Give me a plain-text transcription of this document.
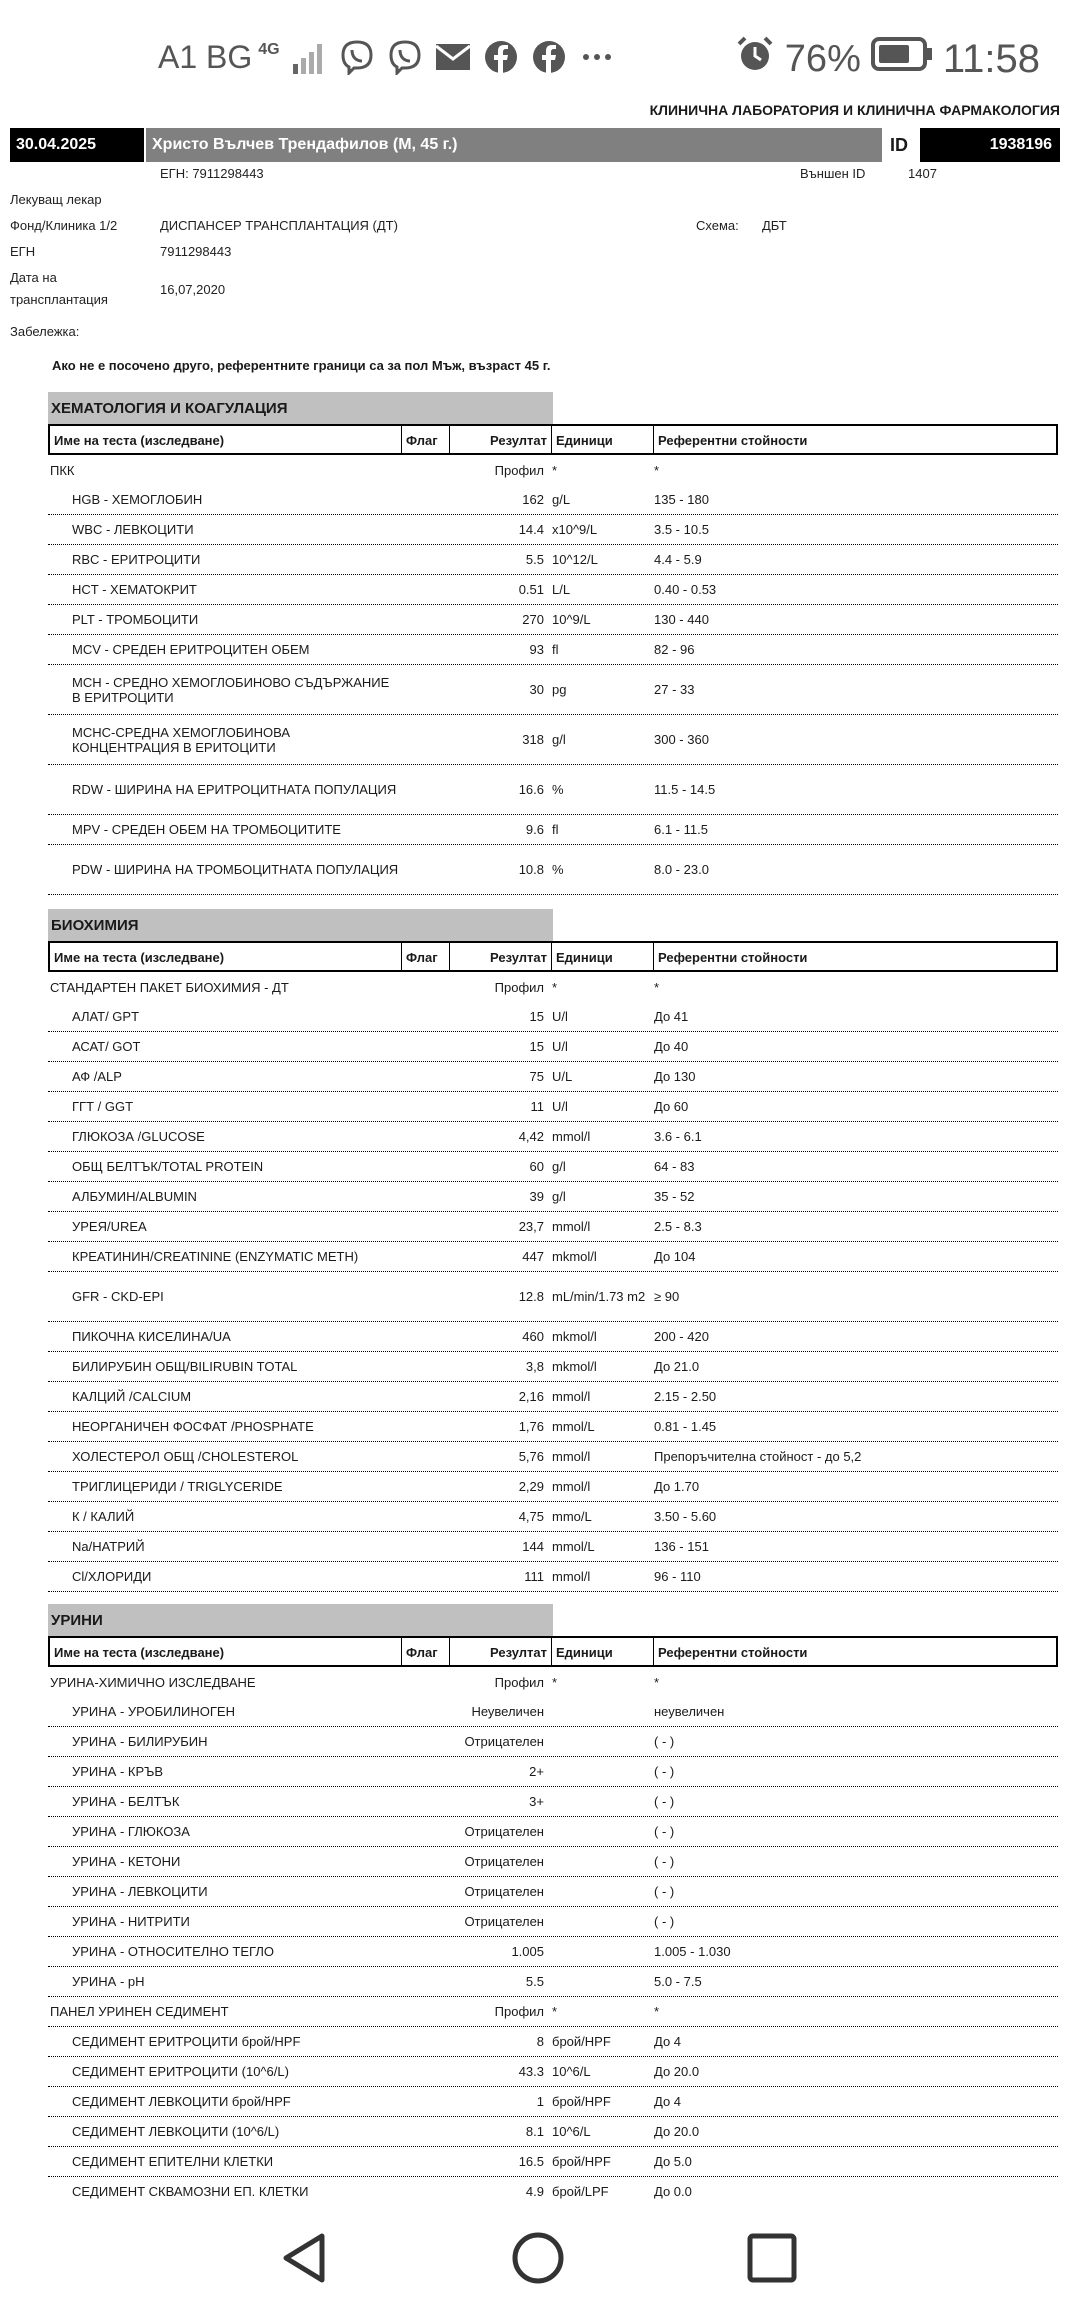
A1 BG 4G	76% 11:58
КЛИНИЧНА ЛАБОРАТОРИЯ И КЛИНИЧНА ФАРМАКОЛОГИЯ
30.04.2025	Христо Вълчев Трендафилов (М, 45 г.)	ID	1938196
ЕГН: 7911298443	Външен ID	1407
Лекуващ лекар
Фонд/Клиника 1/2	ДИСПАНСЕР ТРАНСПЛАНТАЦИЯ (ДТ)	Схема: ДБТ
ЕГН	7911298443
Дата на
трансплантация
16,07,2020
Забележка:
Ако не е посочено друго, референтните граници са за пол Мъж, възраст 45 г.
ХЕМАТОЛОГИЯ И КОАГУЛАЦИЯ
Име на теста (изследване)	Флаг	Резултат Единици	Референтни стойности
ПКК	Профил *	*
HGB - ХЕМОГЛОБИН	162 g/L	135 - 180
WBC - ЛЕВКОЦИТИ	14.4 x10^9/L	3.5 - 10.5
RBC - ЕРИТРОЦИТИ	5.5 10^12/L	4.4 - 5.9
HCT - ХЕМАТОКРИТ	0.51 L/L	0.40 - 0.53
PLT - ТРОМБОЦИТИ	270 10^9/L	130 - 440
MCV - СРЕДЕН ЕРИТРОЦИТЕН ОБЕМ	93 fl	82 - 96
MCH - СРЕДНО ХЕМОГЛОБИНОВО СЪДЪРЖАНИЕ В ЕРИТРОЦИТИ	30 pg	27 - 33
MCHC-СРЕДНА ХЕМОГЛОБИНОВА КОНЦЕНТРАЦИЯ В ЕРИТОЦИТИ	318 g/l	300 - 360
RDW - ШИРИНА НА ЕРИТРОЦИТНАТА ПОПУЛАЦИЯ	16.6 %	11.5 - 14.5
MPV - СРЕДЕН ОБЕМ НА ТРОМБОЦИТИТЕ	9.6 fl	6.1 - 11.5
PDW - ШИРИНА НА ТРОМБОЦИТНАТА ПОПУЛАЦИЯ	10.8 %	8.0 - 23.0
БИОХИМИЯ
Име на теста (изследване)	Флаг	Резултат Единици	Референтни стойности
СТАНДАРТЕН ПАКЕТ БИОХИМИЯ - ДТ	Профил *	*
АЛАТ/ GPT	15 U/l	До 41
АСАТ/ GOT	15 U/l	До 40
АФ /ALP	75 U/L	До 130
ГГТ / GGT	11 U/l	До 60
ГЛЮКОЗА /GLUCOSE	4,42 mmol/l	3.6 - 6.1
ОБЩ БЕЛТЪК/TOTAL PROTEIN	60 g/l	64 - 83
АЛБУМИН/ALBUMIN	39 g/l	35 - 52
УРЕЯ/UREA	23,7 mmol/l	2.5 - 8.3
КРЕАТИНИН/CREATININE (ENZYMATIC METH)	447 mkmol/l	До 104
GFR - CKD-EPI	12.8 mL/min/1.73 m2 ≥ 90
ПИКОЧНА КИСЕЛИНА/UA	460 mkmol/l	200 - 420
БИЛИРУБИН ОБЩ/BILIRUBIN TOTAL	3,8 mkmol/l	До 21.0
КАЛЦИЙ /CALCIUM	2,16 mmol/l	2.15 - 2.50
НЕОРГАНИЧЕН ФОСФАТ /PHOSPHATE	1,76 mmol/L	0.81 - 1.45
ХОЛЕСТЕРОЛ ОБЩ /CHOLESTEROL	5,76 mmol/l	Препоръчителна стойност - до 5,2
ТРИГЛИЦЕРИДИ / TRIGLYCERIDE	2,29 mmol/l	До 1.70
К / КАЛИЙ	4,75 mmo/L	3.50 - 5.60
Na/НАТРИЙ	144 mmol/L	136 - 151
Cl/ХЛОРИДИ	111 mmol/l	96 - 110
УРИНИ
Име на теста (изследване)	Флаг	Резултат Единици	Референтни стойности
УРИНА-ХИМИЧНО ИЗСЛЕДВАНЕ	Профил *	*
УРИНА - УРОБИЛИНОГЕН	Неувеличен	неувеличен
УРИНА - БИЛИРУБИН	Отрицателен	( - )
УРИНА - КРЪВ	2+	( - )
УРИНА - БЕЛТЪК	3+	( - )
УРИНА - ГЛЮКОЗА	Отрицателен	( - )
УРИНА - КЕТОНИ	Отрицателен	( - )
УРИНА - ЛЕВКОЦИТИ	Отрицателен	( - )
УРИНА - НИТРИТИ	Отрицателен	( - )
УРИНА - ОТНОСИТЕЛНО ТЕГЛО	1.005	1.005 - 1.030
УРИНА - pH	5.5	5.0 - 7.5
ПАНЕЛ УРИНЕН СЕДИМЕНТ	Профил *	*
СЕДИМЕНТ ЕРИТРОЦИТИ брой/HPF	8 брой/HPF	До 4
СЕДИМЕНТ ЕРИТРОЦИТИ (10^6/L)	43.3 10^6/L	До 20.0
СЕДИМЕНТ ЛЕВКОЦИТИ брой/HPF	1 брой/HPF	До 4
СЕДИМЕНТ ЛЕВКОЦИТИ (10^6/L)	8.1 10^6/L	До 20.0
СЕДИМЕНТ ЕПИТЕЛНИ КЛЕТКИ	16.5 брой/HPF	До 5.0
СЕДИМЕНТ СКВАМОЗНИ ЕП. КЛЕТКИ	4.9 брой/LPF	До 0.0
